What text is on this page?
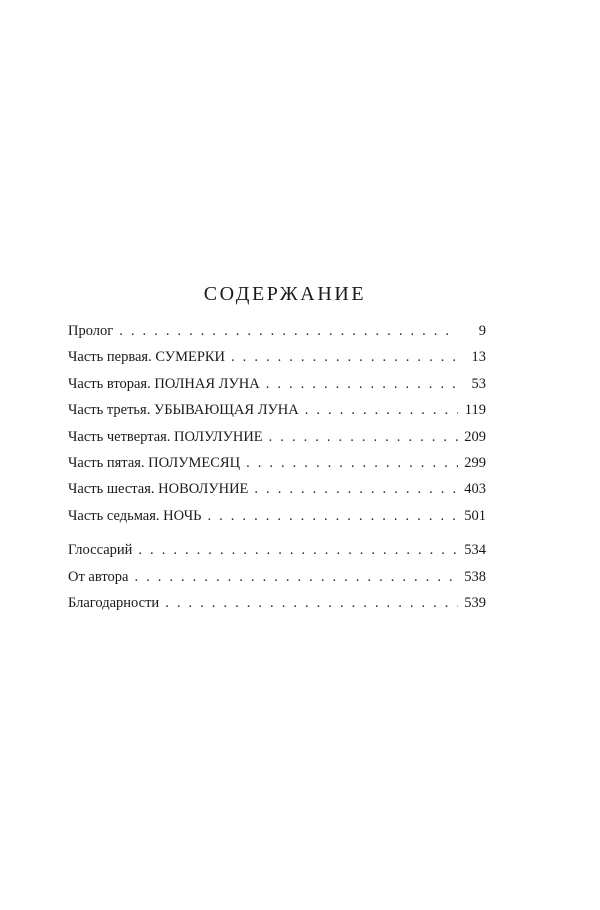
СОДЕРЖАНИЕ
Пролог . . .	9
Часть первая. СУМЕРКИ . . .	13
Часть вторая. ПОЛНАЯ ЛУНА . . .	53
Часть третья. УБЫВАЮЩАЯ ЛУНА . . .	119
Часть четвертая. ПОЛУЛУНИЕ . . .	209
Часть пятая. ПОЛУМЕСЯЦ . . .	299
Часть шестая. НОВОЛУНИЕ . . .	403
Часть седьмая. НОЧЬ . . .	501
Глоссарий . . .	534
От автора . . .	538
Благодарности . . .	539
